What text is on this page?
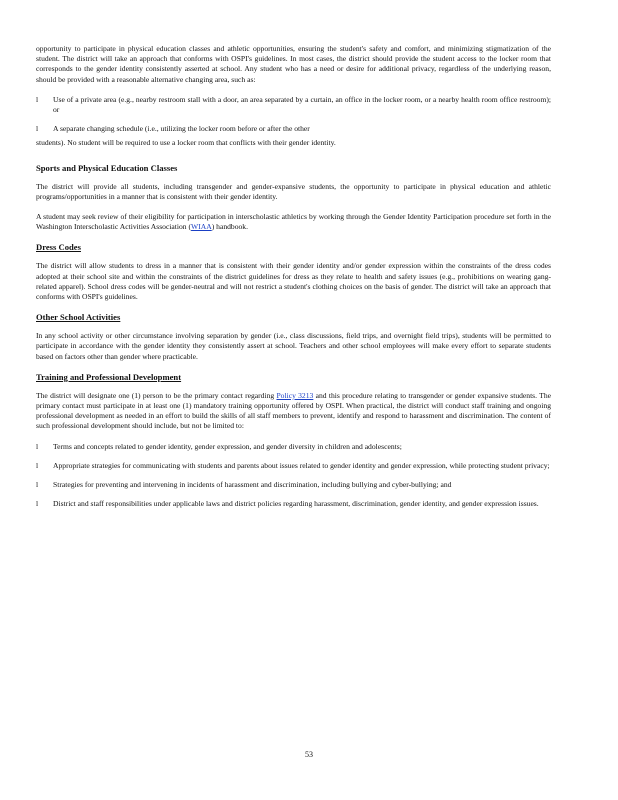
opportunity to participate in physical education classes and athletic opportunities, ensuring the student's safety and comfort, and minimizing stigmatization of the student. The district will take an approach that conforms with OSPI's guidelines. In most cases, the district should provide the student access to the locker room that corresponds to the gender identity consistently asserted at school. Any student who has a need or desire for additional privacy, regardless of the underlying reason, should be provided with a reasonable alternative changing area, such as:

l	Use of a private area (e.g., nearby restroom stall with a door, an area separated by a curtain, an office in the locker room, or a nearby health room office restroom); or
l	A separate changing schedule (i.e., utilizing the locker room before or after the other

students). No student will be required to use a locker room that conflicts with their gender identity.

Sports and Physical Education Classes

The district will provide all students, including transgender and gender-expansive students, the opportunity to participate in physical education and athletic programs/opportunities in a manner that is consistent with their gender identity.

A student may seek review of their eligibility for participation in interscholastic athletics by working through the Gender Identity Participation procedure set forth in the Washington Interscholastic Activities Association (WIAA) handbook.

Dress Codes

The district will allow students to dress in a manner that is consistent with their gender identity and/or gender expression within the constraints of the dress codes adopted at their school site and within the constraints of the district guidelines for dress as they relate to health and safety issues (e.g., prohibitions on wearing gang-related apparel). School dress codes will be gender-neutral and will not restrict a student's clothing choices on the basis of gender. The district will take an approach that conforms with OSPI's guidelines.

Other School Activities

In any school activity or other circumstance involving separation by gender (i.e., class discussions, field trips, and overnight field trips), students will be permitted to participate in accordance with the gender identity they consistently assert at school. Teachers and other school employees will make every effort to separate students based on factors other than gender where practicable.

Training and Professional Development

The district will designate one (1) person to be the primary contact regarding Policy 3213 and this procedure relating to transgender or gender expansive students. The primary contact must participate in at least one (1) mandatory training opportunity offered by OSPI. When practical, the district will conduct staff training and ongoing professional development as needed in an effort to build the skills of all staff members to prevent, identify and respond to harassment and discrimination. The content of such professional development should include, but not be limited to:

l	Terms and concepts related to gender identity, gender expression, and gender diversity in children and adolescents;
l	Appropriate strategies for communicating with students and parents about issues related to gender identity and gender expression, while protecting student privacy;
l	Strategies for preventing and intervening in incidents of harassment and discrimination, including bullying and cyber-bullying; and
l	District and staff responsibilities under applicable laws and district policies regarding harassment, discrimination, gender identity, and gender expression issues.
53
